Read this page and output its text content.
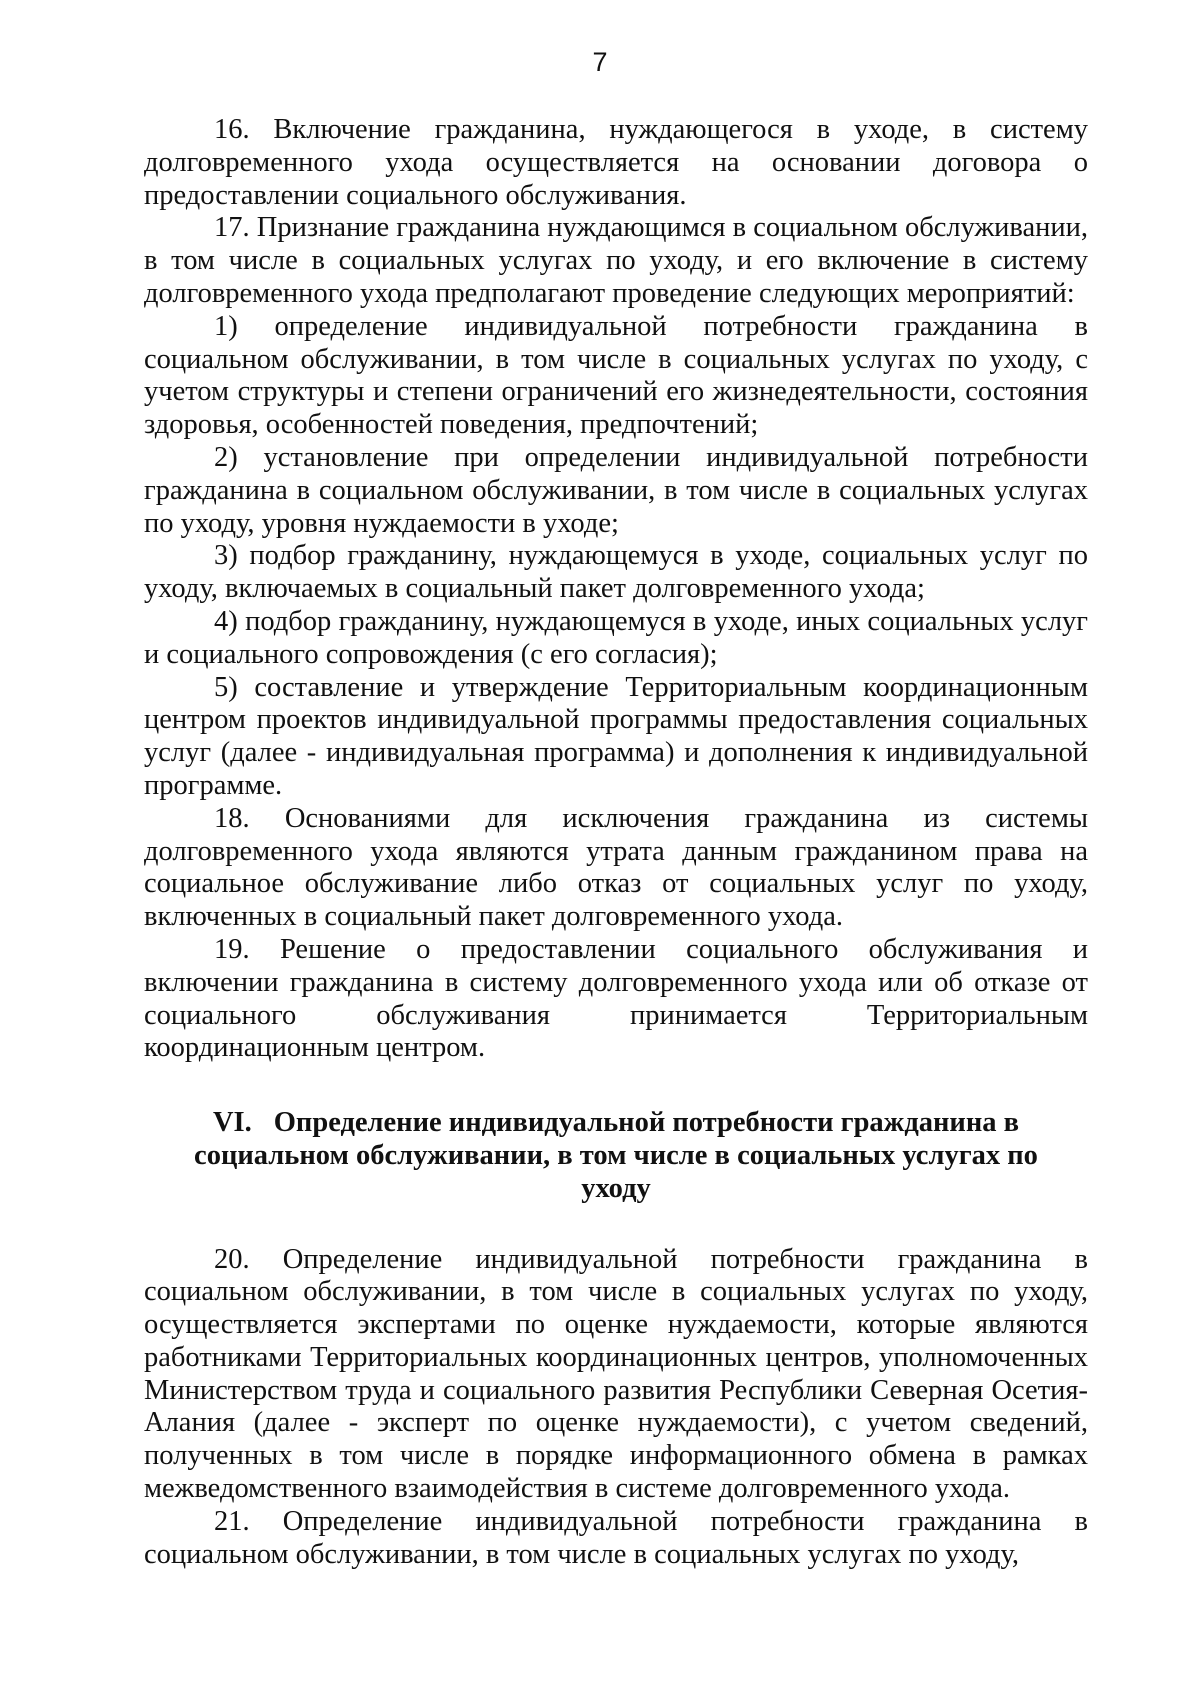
7

16. Включение гражданина, нуждающегося в уходе, в систему долговременного ухода осуществляется на основании договора о предоставлении социального обслуживания.

17. Признание гражданина нуждающимся в социальном обслуживании, в том числе в социальных услугах по уходу, и его включение в систему долговременного ухода предполагают проведение следующих мероприятий:

1) определение индивидуальной потребности гражданина в социальном обслуживании, в том числе в социальных услугах по уходу, с учетом структуры и степени ограничений его жизнедеятельности, состояния здоровья, особенностей поведения, предпочтений;

2) установление при определении индивидуальной потребности гражданина в социальном обслуживании, в том числе в социальных услугах по уходу, уровня нуждаемости в уходе;

3) подбор гражданину, нуждающемуся в уходе, социальных услуг по уходу, включаемых в социальный пакет долговременного ухода;

4) подбор гражданину, нуждающемуся в уходе, иных социальных услуг и социального сопровождения (с его согласия);

5) составление и утверждение Территориальным координационным центром проектов индивидуальной программы предоставления социальных услуг (далее - индивидуальная программа) и дополнения к индивидуальной программе.

18. Основаниями для исключения гражданина из системы долговременного ухода являются утрата данным гражданином права на социальное обслуживание либо отказ от социальных услуг по уходу, включенных в социальный пакет долговременного ухода.

19. Решение о предоставлении социального обслуживания и включении гражданина в систему долговременного ухода или об отказе от социального обслуживания принимается Территориальным координационным центром.

VI. Определение индивидуальной потребности гражданина в социальном обслуживании, в том числе в социальных услугах по уходу

20. Определение индивидуальной потребности гражданина в социальном обслуживании, в том числе в социальных услугах по уходу, осуществляется экспертами по оценке нуждаемости, которые являются работниками Территориальных координационных центров, уполномоченных Министерством труда и социального развития Республики Северная Осетия-Алания (далее - эксперт по оценке нуждаемости), с учетом сведений, полученных в том числе в порядке информационного обмена в рамках межведомственного взаимодействия в системе долговременного ухода.

21. Определение индивидуальной потребности гражданина в социальном обслуживании, в том числе в социальных услугах по уходу,
